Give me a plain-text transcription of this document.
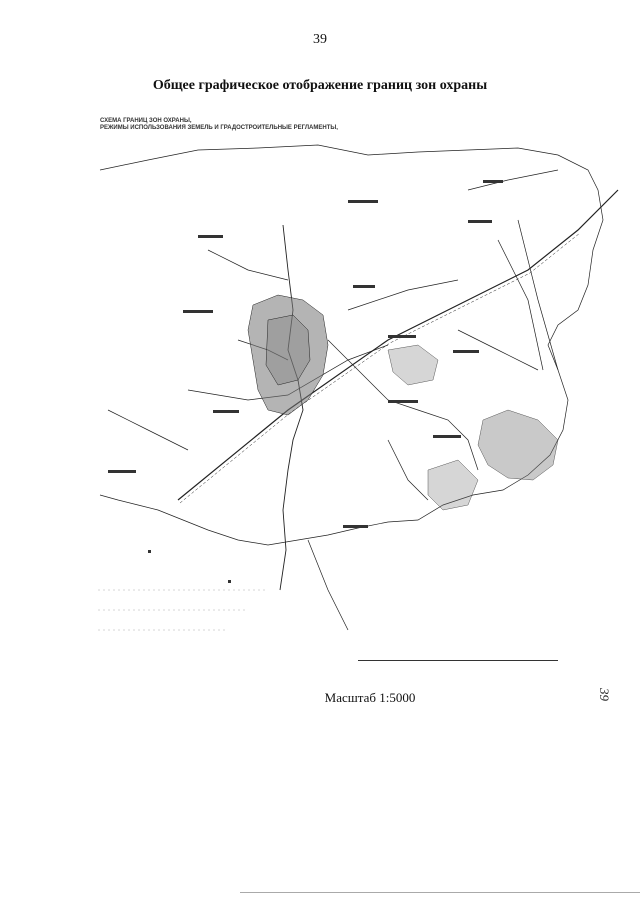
39
Общее графическое отображение границ зон охраны
СХЕМА ГРАНИЦ ЗОН ОХРАНЫ,
РЕЖИМЫ ИСПОЛЬЗОВАНИЯ ЗЕМЕЛЬ И ГРАДОСТРОИТЕЛЬНЫЕ РЕГЛАМЕНТЫ,
Масштаб 1:5000	39
